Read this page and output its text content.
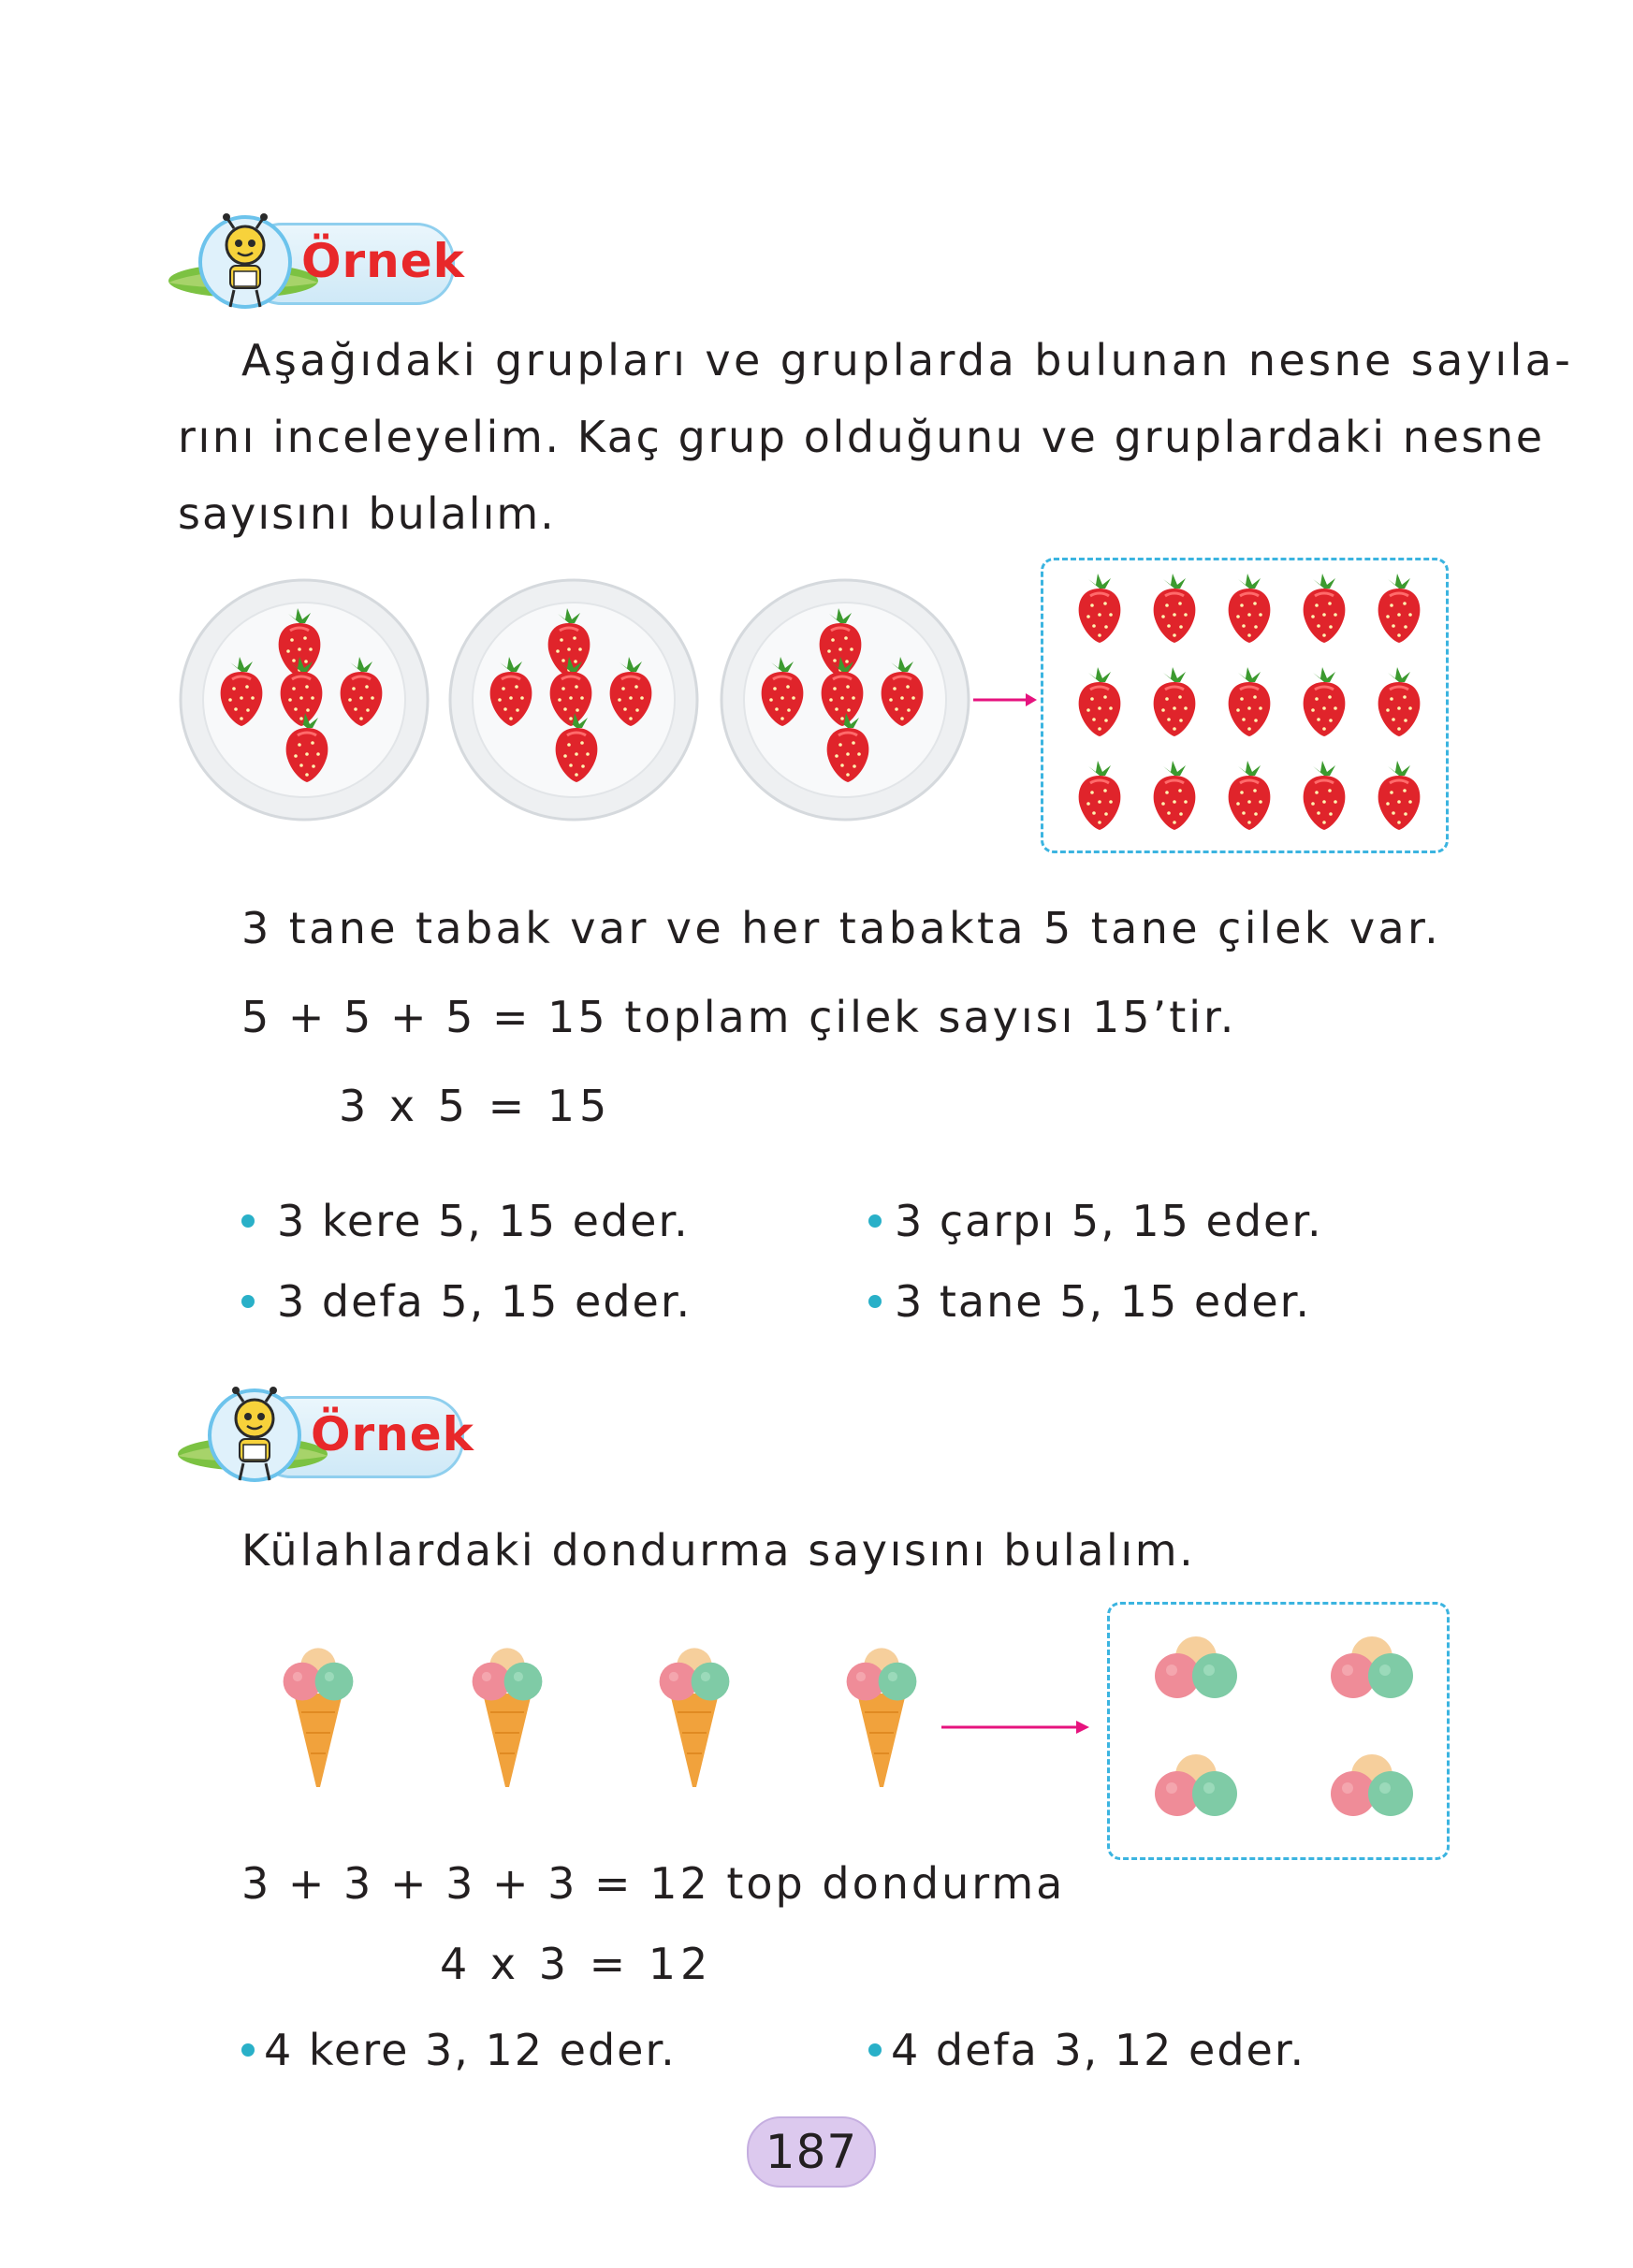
Örnek
Aşağıdaki grupları ve gruplarda bulunan nesne sayıla-
rını inceleyelim. Kaç grup olduğunu ve gruplardaki nesne
sayısını bulalım.
3 tane tabak var ve her tabakta 5 tane çilek var.
5 + 5 + 5 = 15 toplam çilek sayısı 15’tir.
3 x 5 = 15
3 kere 5, 15 eder.	3 çarpı 5, 15 eder.
3 defa 5, 15 eder.	3 tane 5, 15 eder.
Örnek
Külahlardaki dondurma sayısını bulalım.
3 + 3 + 3 + 3 = 12 top dondurma
4 x 3 = 12
4 kere 3, 12 eder.	4 defa 3, 12 eder.
187
